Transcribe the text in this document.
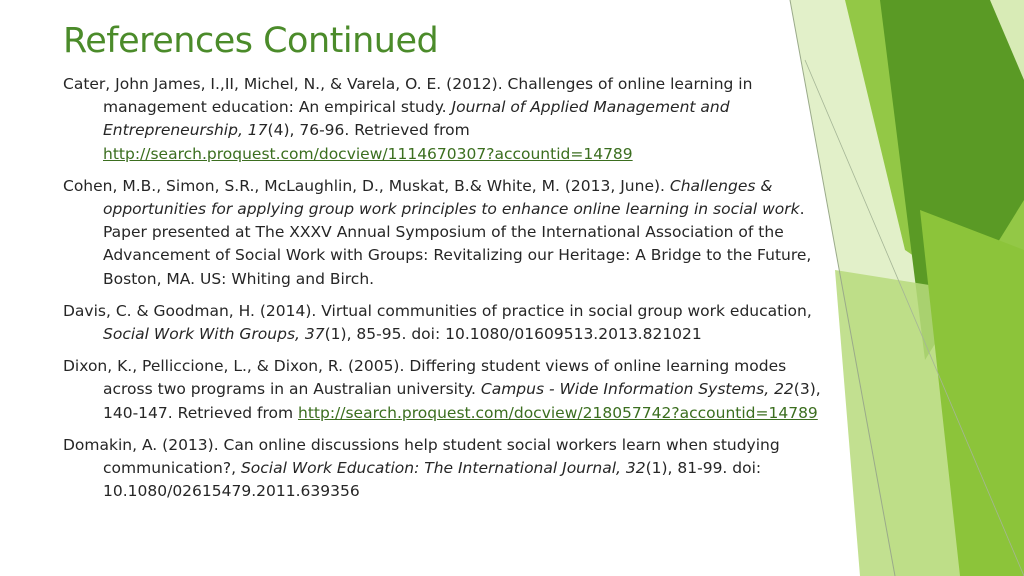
References Continued
Cater, John James, I.,II, Michel, N., & Varela, O. E. (2012). Challenges of online learning in management education: An empirical study. Journal of Applied Management and Entrepreneurship, 17(4), 76-96. Retrieved from http://search.proquest.com/docview/1114670307?accountid=14789
Cohen, M.B., Simon, S.R., McLaughlin, D., Muskat, B.& White, M. (2013, June). Challenges & opportunities for applying group work principles to enhance online learning in social work. Paper presented at The XXXV Annual Symposium of the International Association of the Advancement of Social Work with Groups: Revitalizing our Heritage: A Bridge to the Future, Boston, MA. US: Whiting and Birch.
Davis, C. & Goodman, H. (2014). Virtual communities of practice in social group work education, Social Work With Groups, 37(1), 85-95. doi: 10.1080/01609513.2013.821021
Dixon, K., Pelliccione, L., & Dixon, R. (2005). Differing student views of online learning modes across two programs in an Australian university. Campus - Wide Information Systems, 22(3), 140-147. Retrieved from http://search.proquest.com/docview/218057742?accountid=14789
Domakin, A. (2013). Can online discussions help student social workers learn when studying communication?, Social Work Education: The International Journal, 32(1), 81-99. doi: 10.1080/02615479.2011.639356
